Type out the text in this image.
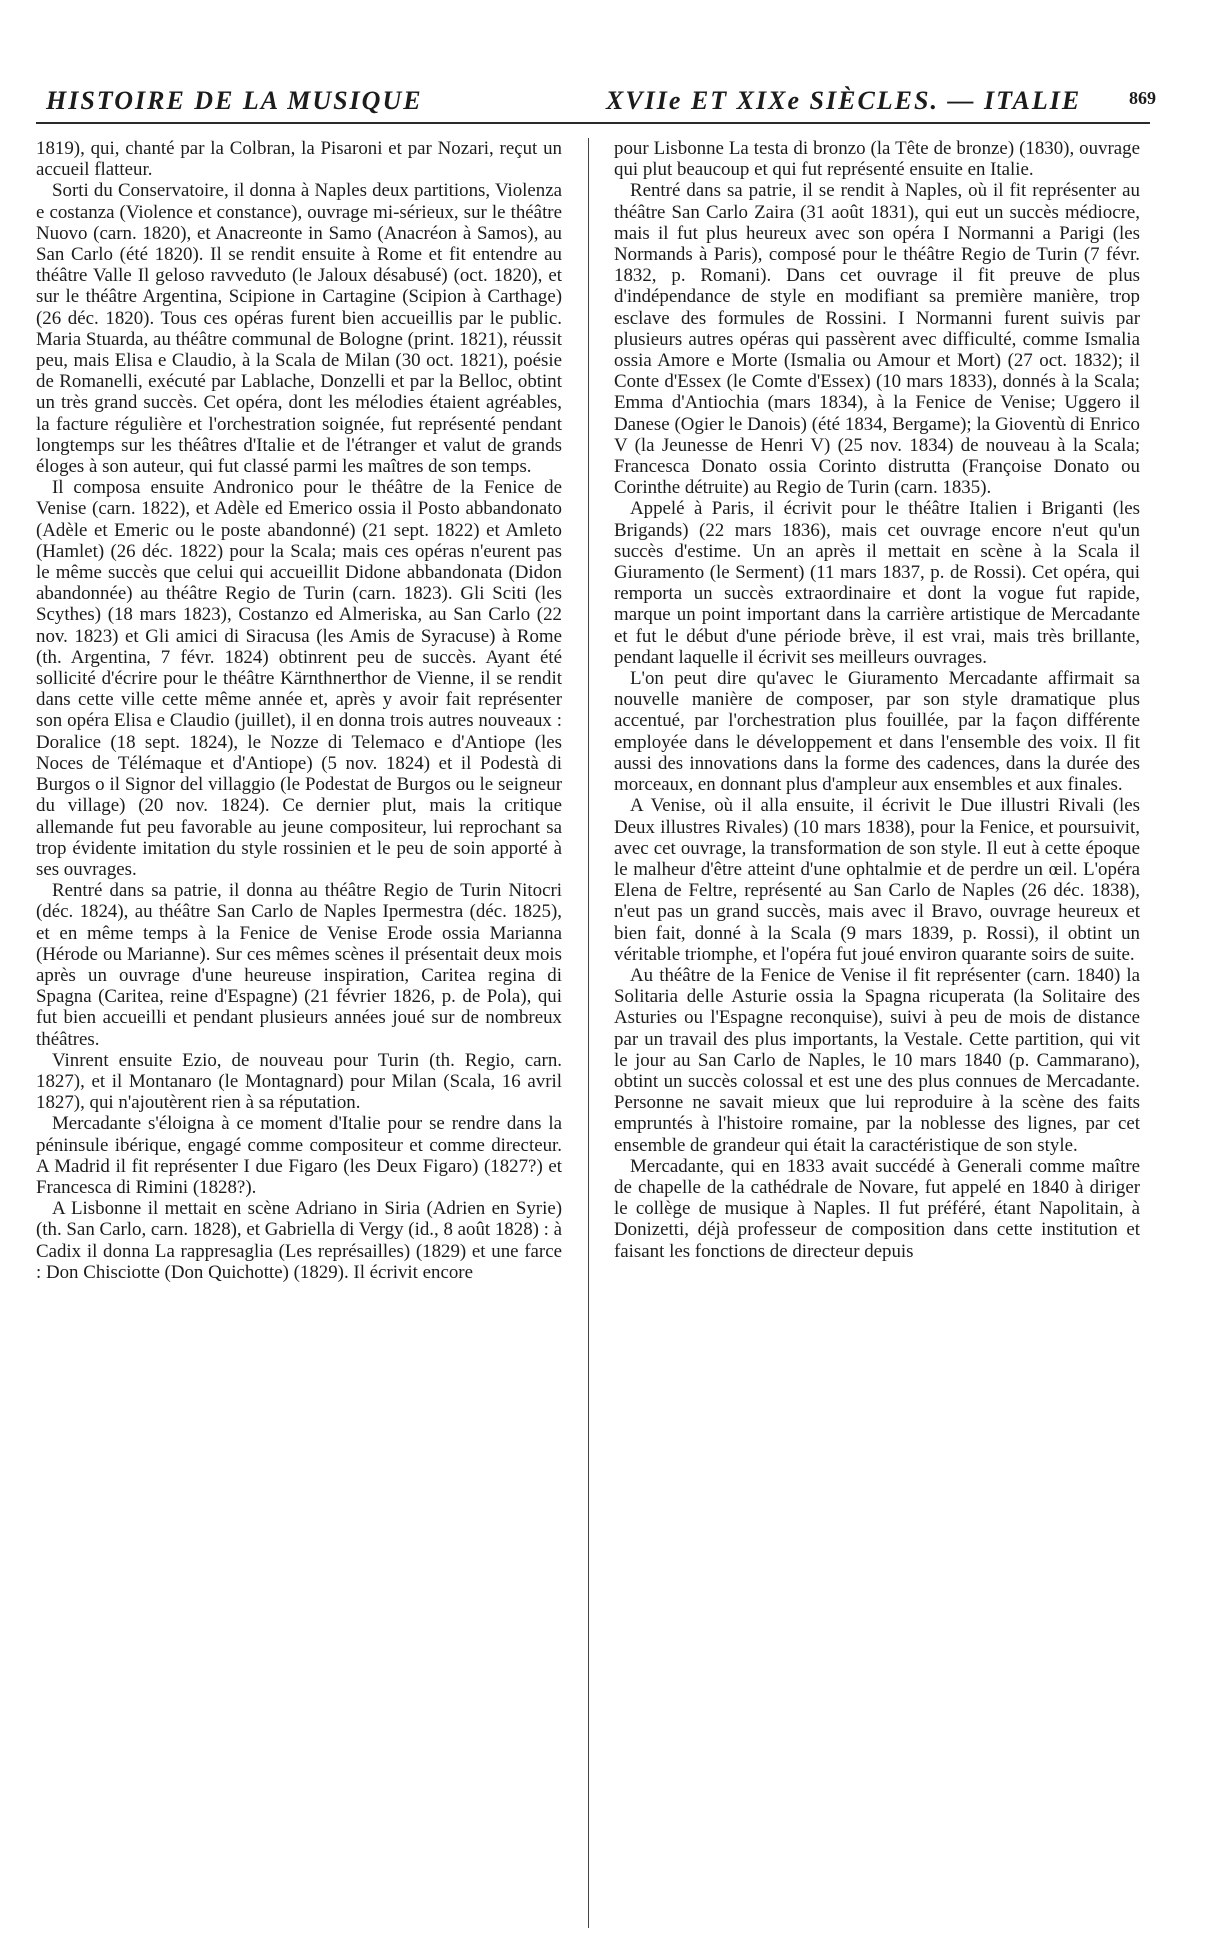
HISTOIRE DE LA MUSIQUE	XVIIe ET XIXe SIÈCLES. — ITALIE	869

1819), qui, chanté par la Colbran, la Pisaroni et par Nozari, reçut un accueil flatteur.

Sorti du Conservatoire, il donna à Naples deux partitions, Violenza e costanza (Violence et constance), ouvrage mi-sérieux, sur le théâtre Nuovo (carn. 1820), et Anacreonte in Samo (Anacréon à Samos), au San Carlo (été 1820). Il se rendit ensuite à Rome et fit entendre au théâtre Valle Il geloso ravveduto (le Jaloux désabusé) (oct. 1820), et sur le théâtre Argentina, Scipione in Cartagine (Scipion à Carthage) (26 déc. 1820). Tous ces opéras furent bien accueillis par le public. Maria Stuarda, au théâtre communal de Bologne (print. 1821), réussit peu, mais Elisa e Claudio, à la Scala de Milan (30 oct. 1821), poésie de Romanelli, exécuté par Lablache, Donzelli et par la Belloc, obtint un très grand succès. Cet opéra, dont les mélodies étaient agréables, la facture régulière et l'orchestration soignée, fut représenté pendant longtemps sur les théâtres d'Italie et de l'étranger et valut de grands éloges à son auteur, qui fut classé parmi les maîtres de son temps.

Il composa ensuite Andronico pour le théâtre de la Fenice de Venise (carn. 1822), et Adèle ed Emerico ossia il Posto abbandonato (Adèle et Emeric ou le poste abandonné) (21 sept. 1822) et Amleto (Hamlet) (26 déc. 1822) pour la Scala; mais ces opéras n'eurent pas le même succès que celui qui accueillit Didone abbandonata (Didon abandonnée) au théâtre Regio de Turin (carn. 1823). Gli Sciti (les Scythes) (18 mars 1823), Costanzo ed Almeriska, au San Carlo (22 nov. 1823) et Gli amici di Siracusa (les Amis de Syracuse) à Rome (th. Argentina, 7 févr. 1824) obtinrent peu de succès. Ayant été sollicité d'écrire pour le théâtre Kärnthnerthor de Vienne, il se rendit dans cette ville cette même année et, après y avoir fait représenter son opéra Elisa e Claudio (juillet), il en donna trois autres nouveaux : Doralice (18 sept. 1824), le Nozze di Telemaco e d'Antiope (les Noces de Télémaque et d'Antiope) (5 nov. 1824) et il Podestà di Burgos o il Signor del villaggio (le Podestat de Burgos ou le seigneur du village) (20 nov. 1824). Ce dernier plut, mais la critique allemande fut peu favorable au jeune compositeur, lui reprochant sa trop évidente imitation du style rossinien et le peu de soin apporté à ses ouvrages.

Rentré dans sa patrie, il donna au théâtre Regio de Turin Nitocri (déc. 1824), au théâtre San Carlo de Naples Ipermestra (déc. 1825), et en même temps à la Fenice de Venise Erode ossia Marianna (Hérode ou Marianne). Sur ces mêmes scènes il présentait deux mois après un ouvrage d'une heureuse inspiration, Caritea regina di Spagna (Caritea, reine d'Espagne) (21 février 1826, p. de Pola), qui fut bien accueilli et pendant plusieurs années joué sur de nombreux théâtres.

Vinrent ensuite Ezio, de nouveau pour Turin (th. Regio, carn. 1827), et il Montanaro (le Montagnard) pour Milan (Scala, 16 avril 1827), qui n'ajoutèrent rien à sa réputation.

Mercadante s'éloigna à ce moment d'Italie pour se rendre dans la péninsule ibérique, engagé comme compositeur et comme directeur. A Madrid il fit représenter I due Figaro (les Deux Figaro) (1827?) et Francesca di Rimini (1828?).

A Lisbonne il mettait en scène Adriano in Siria (Adrien en Syrie) (th. San Carlo, carn. 1828), et Gabriella di Vergy (id., 8 août 1828) : à Cadix il donna La rappresaglia (Les représailles) (1829) et une farce : Don Chisciotte (Don Quichotte) (1829). Il écrivit encore

pour Lisbonne La testa di bronzo (la Tête de bronze) (1830), ouvrage qui plut beaucoup et qui fut représenté ensuite en Italie.

Rentré dans sa patrie, il se rendit à Naples, où il fit représenter au théâtre San Carlo Zaira (31 août 1831), qui eut un succès médiocre, mais il fut plus heureux avec son opéra I Normanni a Parigi (les Normands à Paris), composé pour le théâtre Regio de Turin (7 févr. 1832, p. Romani). Dans cet ouvrage il fit preuve de plus d'indépendance de style en modifiant sa première manière, trop esclave des formules de Rossini. I Normanni furent suivis par plusieurs autres opéras qui passèrent avec difficulté, comme Ismalia ossia Amore e Morte (Ismalia ou Amour et Mort) (27 oct. 1832); il Conte d'Essex (le Comte d'Essex) (10 mars 1833), donnés à la Scala; Emma d'Antiochia (mars 1834), à la Fenice de Venise; Uggero il Danese (Ogier le Danois) (été 1834, Bergame); la Gioventù di Enrico V (la Jeunesse de Henri V) (25 nov. 1834) de nouveau à la Scala; Francesca Donato ossia Corinto distrutta (Françoise Donato ou Corinthe détruite) au Regio de Turin (carn. 1835).

Appelé à Paris, il écrivit pour le théâtre Italien i Briganti (les Brigands) (22 mars 1836), mais cet ouvrage encore n'eut qu'un succès d'estime. Un an après il mettait en scène à la Scala il Giuramento (le Serment) (11 mars 1837, p. de Rossi). Cet opéra, qui remporta un succès extraordinaire et dont la vogue fut rapide, marque un point important dans la carrière artistique de Mercadante et fut le début d'une période brève, il est vrai, mais très brillante, pendant laquelle il écrivit ses meilleurs ouvrages.

L'on peut dire qu'avec le Giuramento Mercadante affirmait sa nouvelle manière de composer, par son style dramatique plus accentué, par l'orchestration plus fouillée, par la façon différente employée dans le développement et dans l'ensemble des voix. Il fit aussi des innovations dans la forme des cadences, dans la durée des morceaux, en donnant plus d'ampleur aux ensembles et aux finales.

A Venise, où il alla ensuite, il écrivit le Due illustri Rivali (les Deux illustres Rivales) (10 mars 1838), pour la Fenice, et poursuivit, avec cet ouvrage, la transformation de son style. Il eut à cette époque le malheur d'être atteint d'une ophtalmie et de perdre un œil. L'opéra Elena de Feltre, représenté au San Carlo de Naples (26 déc. 1838), n'eut pas un grand succès, mais avec il Bravo, ouvrage heureux et bien fait, donné à la Scala (9 mars 1839, p. Rossi), il obtint un véritable triomphe, et l'opéra fut joué environ quarante soirs de suite.

Au théâtre de la Fenice de Venise il fit représenter (carn. 1840) la Solitaria delle Asturie ossia la Spagna ricuperata (la Solitaire des Asturies ou l'Espagne reconquise), suivi à peu de mois de distance par un travail des plus importants, la Vestale. Cette partition, qui vit le jour au San Carlo de Naples, le 10 mars 1840 (p. Cammarano), obtint un succès colossal et est une des plus connues de Mercadante. Personne ne savait mieux que lui reproduire à la scène des faits empruntés à l'histoire romaine, par la noblesse des lignes, par cet ensemble de grandeur qui était la caractéristique de son style.

Mercadante, qui en 1833 avait succédé à Generali comme maître de chapelle de la cathédrale de Novare, fut appelé en 1840 à diriger le collège de musique à Naples. Il fut préféré, étant Napolitain, à Donizetti, déjà professeur de composition dans cette institution et faisant les fonctions de directeur depuis
